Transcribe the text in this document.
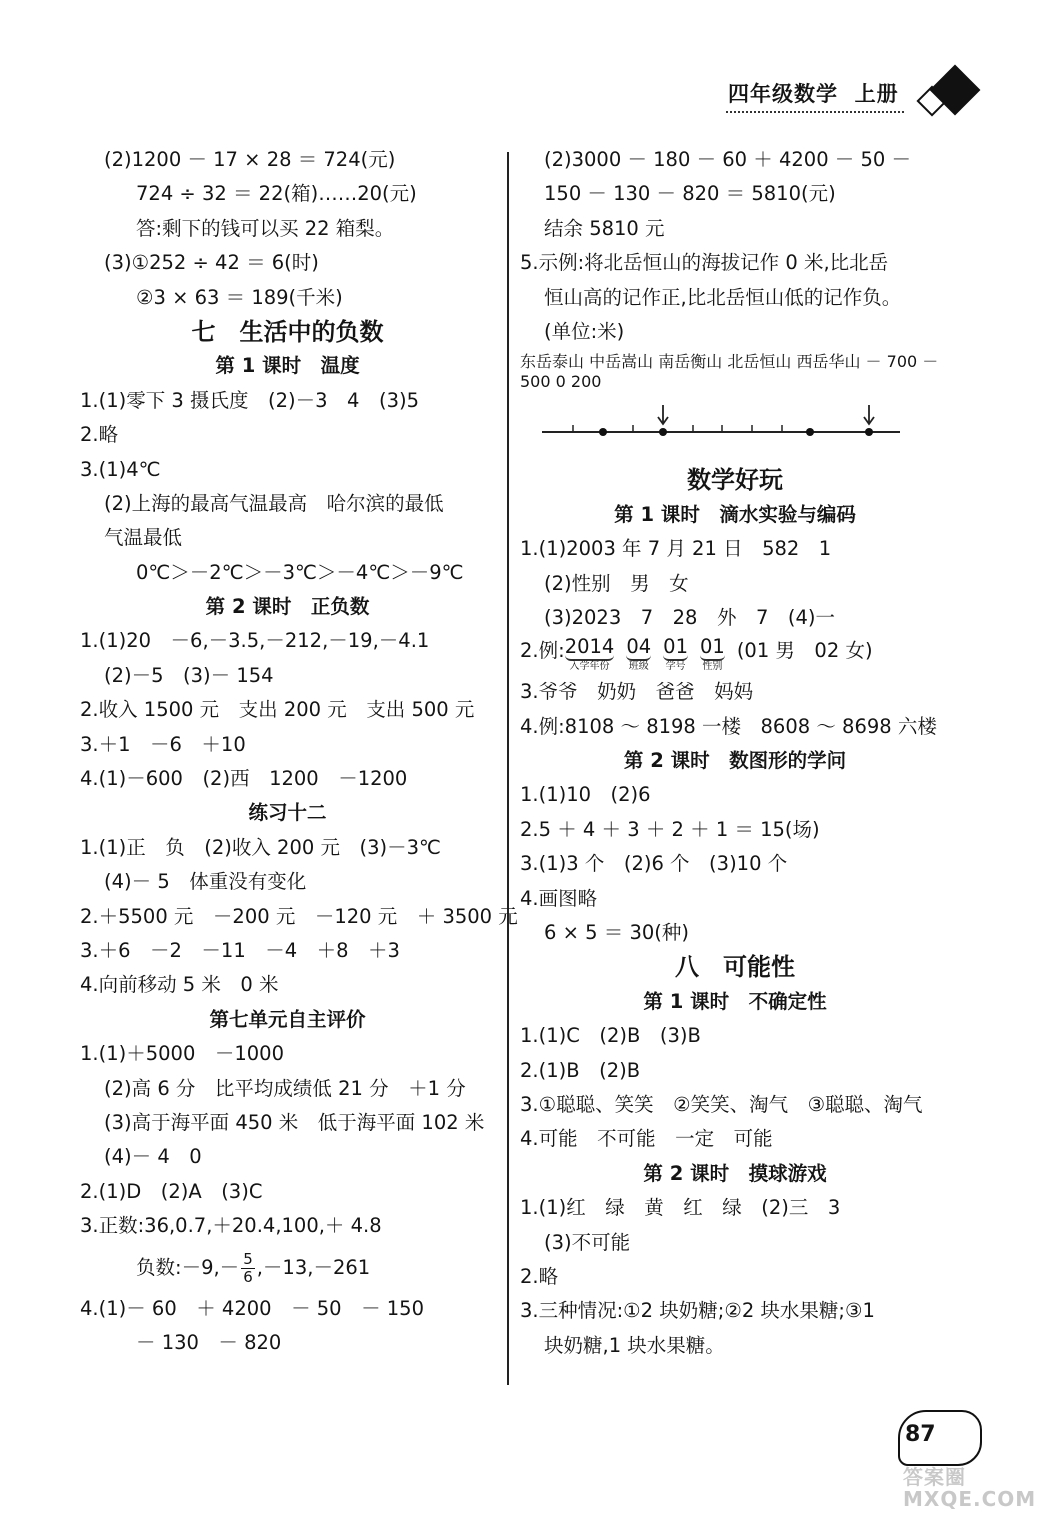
四年级数学  上册
(2)1200 － 17 × 28 ＝ 724(元)
724 ÷ 32 ＝ 22(箱)……20(元)
答:剩下的钱可以买 22 箱梨。
(3)①252 ÷ 42 ＝ 6(时)
②3 × 63 ＝ 189(千米)
七　生活中的负数
第 1 课时　温度
1.(1)零下 3 摄氏度　(2)－3　4　(3)5
2.略
3.(1)4℃
(2)上海的最高气温最高　哈尔滨的最低
气温最低
0℃＞－2℃＞－3℃＞－4℃＞－9℃
第 2 课时　正负数
1.(1)20　－6,－3.5,－212,－19,－4.1
(2)－5　(3)－ 154
2.收入 1500 元　支出 200 元　支出 500 元
3.＋1　－6　＋10
4.(1)－600　(2)西　1200　－1200
练习十二
1.(1)正　负　(2)收入 200 元　(3)－3℃
(4)－ 5　体重没有变化
2.＋5500 元　－200 元　－120 元　＋ 3500 元
3.＋6　－2　－11　－4　＋8　＋3
4.向前移动 5 米　0 米
第七单元自主评价
1.(1)＋5000　－1000
(2)高 6 分　比平均成绩低 21 分　＋1 分
(3)高于海平面 450 米　低于海平面 102 米
(4)－ 4　0
2.(1)D　(2)A　(3)C
3.正数:36,0.7,＋20.4,100,＋ 4.8
负数:－9,－ $\frac{5}{6} ,-13,-261$
4.(1)－ 60　＋ 4200　－ 50　－ 150
－ 130　－ 820
(2)3000 － 180 － 60 ＋ 4200 － 50 －
150 － 130 － 820 ＝ 5810(元)
结余 5810 元
5.示例:将北岳恒山的海拔记作 0 米,比北岳
恒山高的记作正,比北岳恒山低的记作负。
(单位:米)
东岳泰山 中岳嵩山 南岳衡山 北岳恒山 西岳华山 － 700 － 500 0 200
数学好玩
第 1 课时　滴水实验与编码
1.(1)2003 年 7 月 21 日　582　1
(2)性别　男　女
(3)2023　7　28　外　7　(4)一
2.例: 2014
入学年份
04
班级
01
学号
01
性别
(01 男　02 女)
3.爷爷　奶奶　爸爸　妈妈
4.例:8108 ～ 8198 一楼　8608 ～ 8698 六楼
第 2 课时　数图形的学问
1.(1)10　(2)6
2.5 ＋ 4 ＋ 3 ＋ 2 ＋ 1 ＝ 15(场)
3.(1)3 个　(2)6 个　(3)10 个
4.画图略
6 × 5 ＝ 30(种)
八　可能性
第 1 课时　不确定性
1.(1)C　(2)B　(3)B
2.(1)B　(2)B
3.①聪聪、笑笑　②笑笑、淘气　③聪聪、淘气
4.可能　不可能　一定　可能
第 2 课时　摸球游戏
1.(1)红　绿　黄　红　绿　(2)三　3
(3)不可能
2.略
3.三种情况:①2 块奶糖;②2 块水果糖;③1
块奶糖,1 块水果糖。
87
答案圈
MXQE.COM
